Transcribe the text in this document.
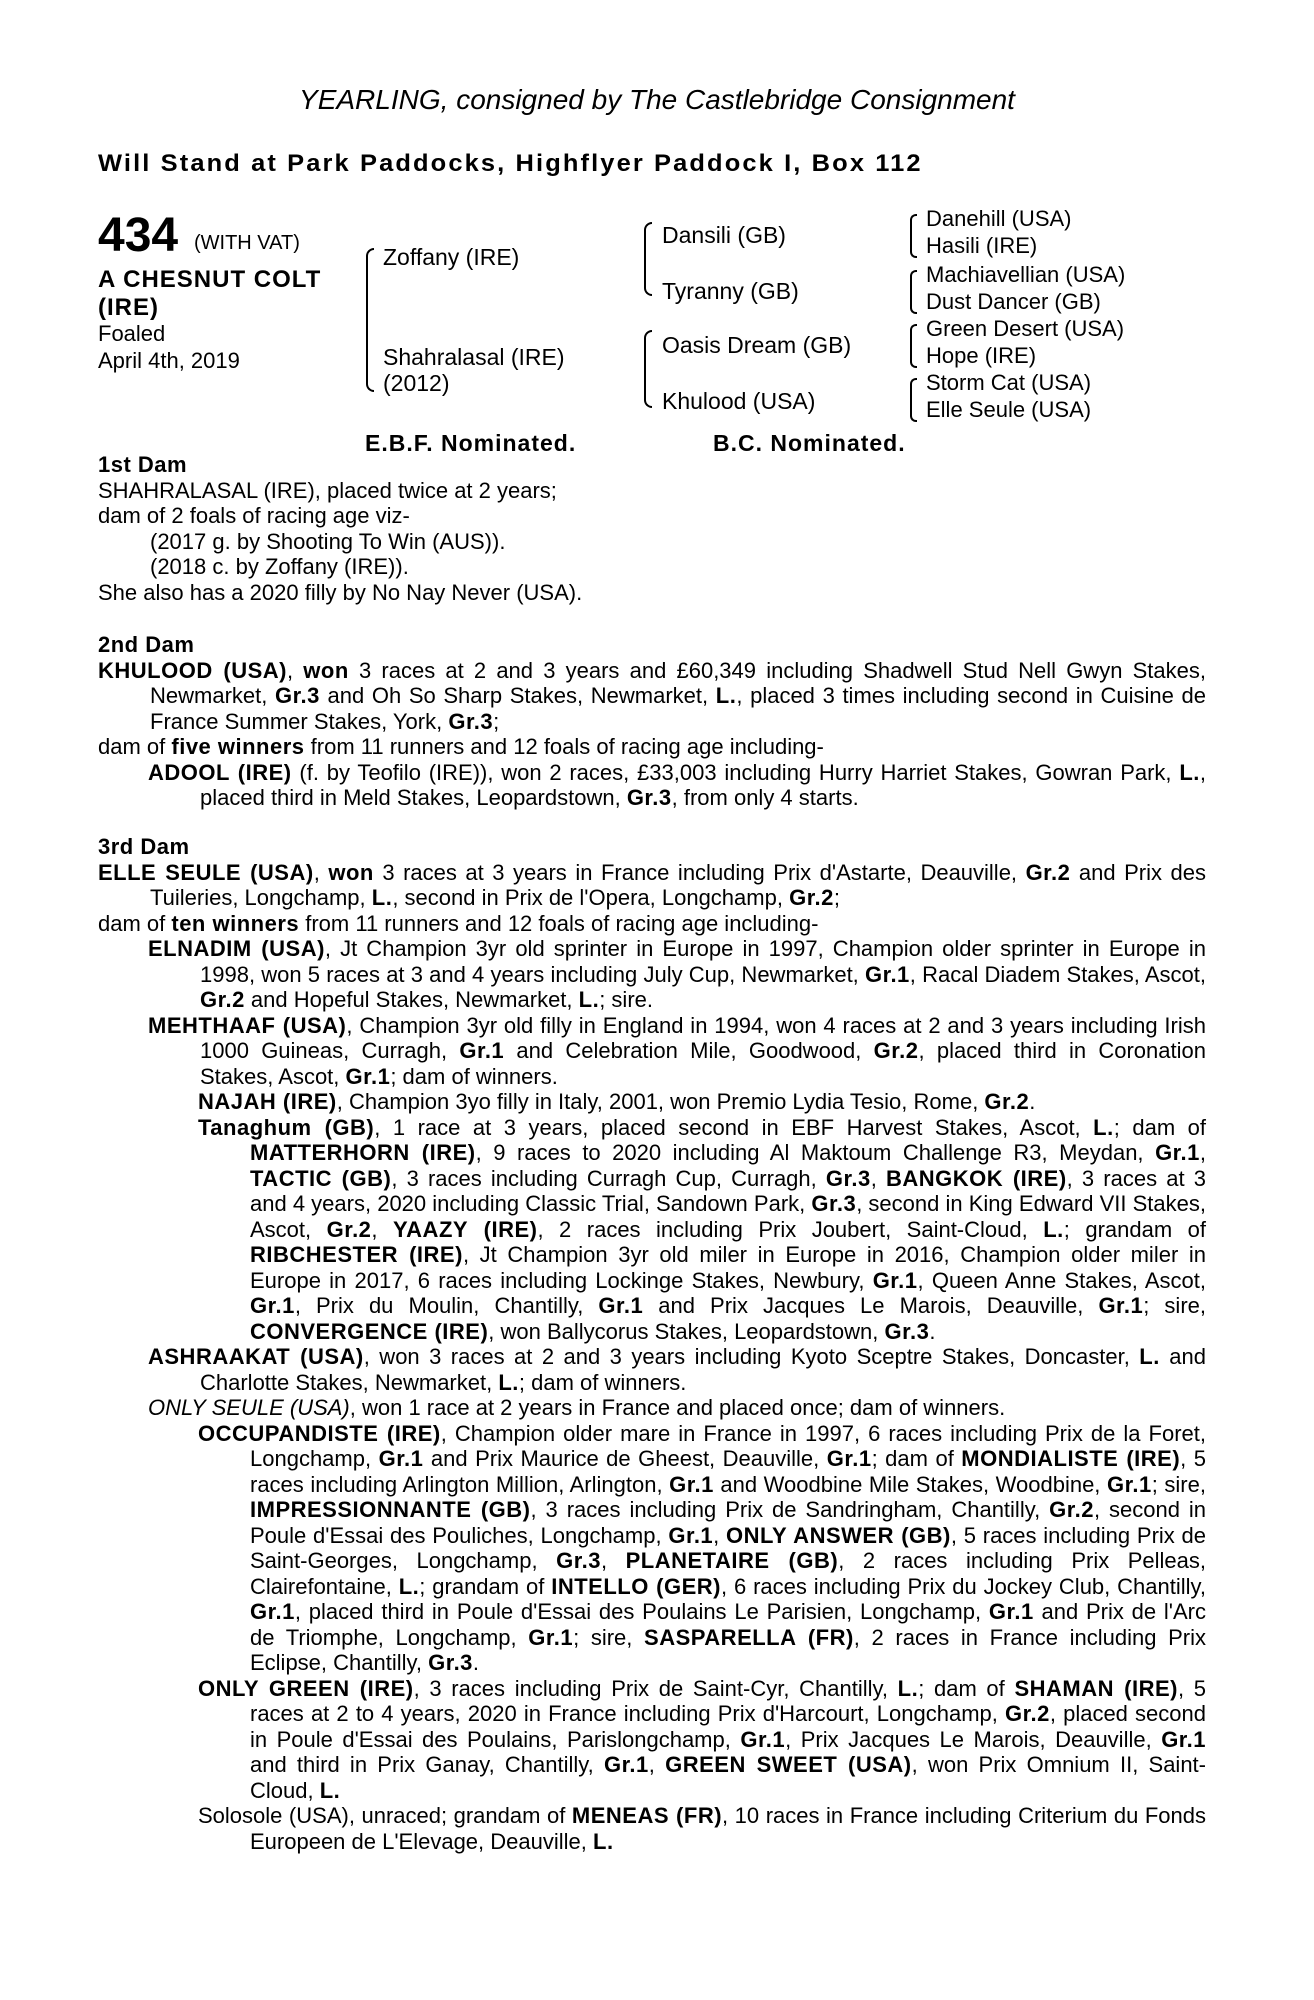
YEARLING, consigned by The Castlebridge Consignment
Will Stand at Park Paddocks, Highflyer Paddock I, Box 112
434 (WITH VAT)
A CHESNUT COLT
(IRE)
Foaled
April 4th, 2019
Zoffany (IRE)
Shahralasal (IRE)
(2012)
Dansili (GB)
Tyranny (GB)
Oasis Dream (GB)
Khulood (USA)
Danehill (USA)
Hasili (IRE)
Machiavellian (USA)
Dust Dancer (GB)
Green Desert (USA)
Hope (IRE)
Storm Cat (USA)
Elle Seule (USA)
E.B.F. Nominated.	B.C. Nominated.

1st Dam

SHAHRALASAL (IRE), placed twice at 2 years;

dam of 2 foals of racing age viz-

(2017 g. by Shooting To Win (AUS)).

(2018 c. by Zoffany (IRE)).

She also has a 2020 filly by No Nay Never (USA).

2nd Dam

KHULOOD (USA), won 3 races at 2 and 3 years and £60,349 including Shadwell Stud Nell Gwyn Stakes, Newmarket, Gr.3 and Oh So Sharp Stakes, Newmarket, L., placed 3 times including second in Cuisine de France Summer Stakes, York, Gr.3;

dam of five winners from 11 runners and 12 foals of racing age including-

ADOOL (IRE) (f. by Teofilo (IRE)), won 2 races, £33,003 including Hurry Harriet Stakes, Gowran Park, L., placed third in Meld Stakes, Leopardstown, Gr.3, from only 4 starts.

3rd Dam

ELLE SEULE (USA), won 3 races at 3 years in France including Prix d'Astarte, Deauville, Gr.2 and Prix des Tuileries, Longchamp, L., second in Prix de l'Opera, Longchamp, Gr.2;

dam of ten winners from 11 runners and 12 foals of racing age including-

ELNADIM (USA), Jt Champion 3yr old sprinter in Europe in 1997, Champion older sprinter in Europe in 1998, won 5 races at 3 and 4 years including July Cup, Newmarket, Gr.1, Racal Diadem Stakes, Ascot, Gr.2 and Hopeful Stakes, Newmarket, L.; sire.

MEHTHAAF (USA), Champion 3yr old filly in England in 1994, won 4 races at 2 and 3 years including Irish 1000 Guineas, Curragh, Gr.1 and Celebration Mile, Goodwood, Gr.2, placed third in Coronation Stakes, Ascot, Gr.1; dam of winners.

NAJAH (IRE), Champion 3yo filly in Italy, 2001, won Premio Lydia Tesio, Rome, Gr.2.

Tanaghum (GB), 1 race at 3 years, placed second in EBF Harvest Stakes, Ascot, L.; dam of MATTERHORN (IRE), 9 races to 2020 including Al Maktoum Challenge R3, Meydan, Gr.1, TACTIC (GB), 3 races including Curragh Cup, Curragh, Gr.3, BANGKOK (IRE), 3 races at 3 and 4 years, 2020 including Classic Trial, Sandown Park, Gr.3, second in King Edward VII Stakes, Ascot, Gr.2, YAAZY (IRE), 2 races including Prix Joubert, Saint-Cloud, L.; grandam of RIBCHESTER (IRE), Jt Champion 3yr old miler in Europe in 2016, Champion older miler in Europe in 2017, 6 races including Lockinge Stakes, Newbury, Gr.1, Queen Anne Stakes, Ascot, Gr.1, Prix du Moulin, Chantilly, Gr.1 and Prix Jacques Le Marois, Deauville, Gr.1; sire, CONVERGENCE (IRE), won Ballycorus Stakes, Leopardstown, Gr.3.

ASHRAAKAT (USA), won 3 races at 2 and 3 years including Kyoto Sceptre Stakes, Doncaster, L. and Charlotte Stakes, Newmarket, L.; dam of winners.

ONLY SEULE (USA), won 1 race at 2 years in France and placed once; dam of winners.

OCCUPANDISTE (IRE), Champion older mare in France in 1997, 6 races including Prix de la Foret, Longchamp, Gr.1 and Prix Maurice de Gheest, Deauville, Gr.1; dam of MONDIALISTE (IRE), 5 races including Arlington Million, Arlington, Gr.1 and Woodbine Mile Stakes, Woodbine, Gr.1; sire, IMPRESSIONNANTE (GB), 3 races including Prix de Sandringham, Chantilly, Gr.2, second in Poule d'Essai des Pouliches, Longchamp, Gr.1, ONLY ANSWER (GB), 5 races including Prix de Saint-Georges, Longchamp, Gr.3, PLANETAIRE (GB), 2 races including Prix Pelleas, Clairefontaine, L.; grandam of INTELLO (GER), 6 races including Prix du Jockey Club, Chantilly, Gr.1, placed third in Poule d'Essai des Poulains Le Parisien, Longchamp, Gr.1 and Prix de l'Arc de Triomphe, Longchamp, Gr.1; sire, SASPARELLA (FR), 2 races in France including Prix Eclipse, Chantilly, Gr.3.

ONLY GREEN (IRE), 3 races including Prix de Saint-Cyr, Chantilly, L.; dam of SHAMAN (IRE), 5 races at 2 to 4 years, 2020 in France including Prix d'Harcourt, Longchamp, Gr.2, placed second in Poule d'Essai des Poulains, Parislongchamp, Gr.1, Prix Jacques Le Marois, Deauville, Gr.1 and third in Prix Ganay, Chantilly, Gr.1, GREEN SWEET (USA), won Prix Omnium II, Saint-Cloud, L.

Solosole (USA), unraced; grandam of MENEAS (FR), 10 races in France including Criterium du Fonds Europeen de L'Elevage, Deauville, L.
